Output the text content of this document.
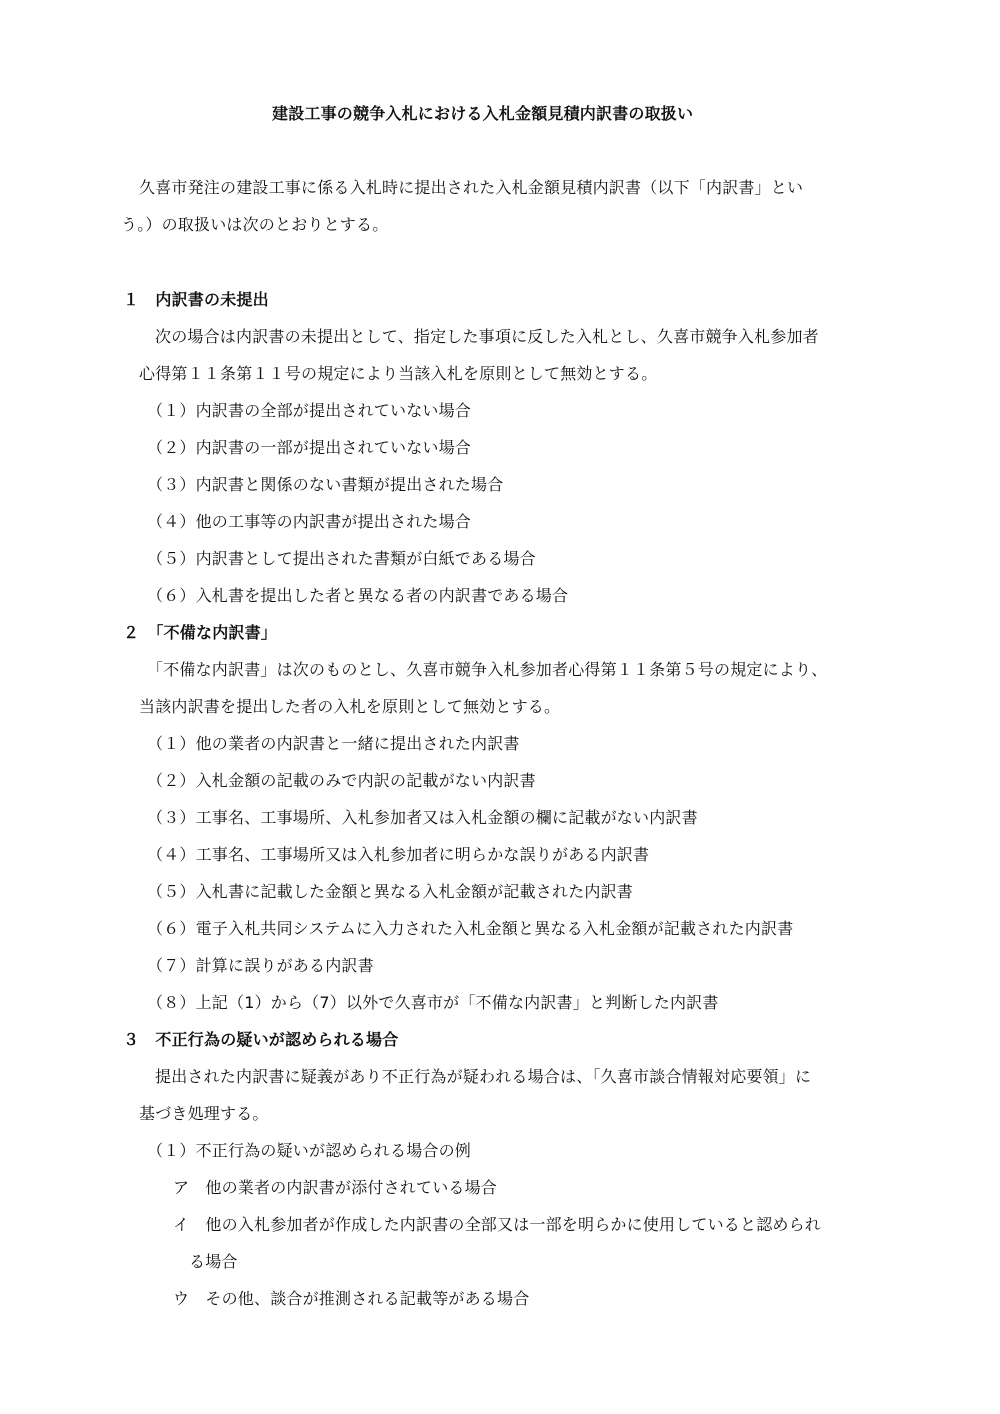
建設工事の競争入札における入札金額見積内訳書の取扱い
久喜市発注の建設工事に係る入札時に提出された入札金額見積内訳書（以下「内訳書」とい
う。）の取扱いは次のとおりとする。
１　内訳書の未提出
次の場合は内訳書の未提出として、指定した事項に反した入札とし、久喜市競争入札参加者
心得第１１条第１１号の規定により当該入札を原則として無効とする。
（１）内訳書の全部が提出されていない場合
（２）内訳書の一部が提出されていない場合
（３）内訳書と関係のない書類が提出された場合
（４）他の工事等の内訳書が提出された場合
（５）内訳書として提出された書類が白紙である場合
（６）入札書を提出した者と異なる者の内訳書である場合
２　「不備な内訳書」
「不備な内訳書」は次のものとし、久喜市競争入札参加者心得第１１条第５号の規定により、
当該内訳書を提出した者の入札を原則として無効とする。
（１）他の業者の内訳書と一緒に提出された内訳書
（２）入札金額の記載のみで内訳の記載がない内訳書
（３）工事名、工事場所、入札参加者又は入札金額の欄に記載がない内訳書
（４）工事名、工事場所又は入札参加者に明らかな誤りがある内訳書
（５）入札書に記載した金額と異なる入札金額が記載された内訳書
（６）電子入札共同システムに入力された入札金額と異なる入札金額が記載された内訳書
（７）計算に誤りがある内訳書
（８）上記（1）から（7）以外で久喜市が「不備な内訳書」と判断した内訳書
３　不正行為の疑いが認められる場合
提出された内訳書に疑義があり不正行為が疑われる場合は、「久喜市談合情報対応要領」に
基づき処理する。
（１）不正行為の疑いが認められる場合の例
ア　他の業者の内訳書が添付されている場合
イ　他の入札参加者が作成した内訳書の全部又は一部を明らかに使用していると認められ
る場合
ウ　その他、談合が推測される記載等がある場合
